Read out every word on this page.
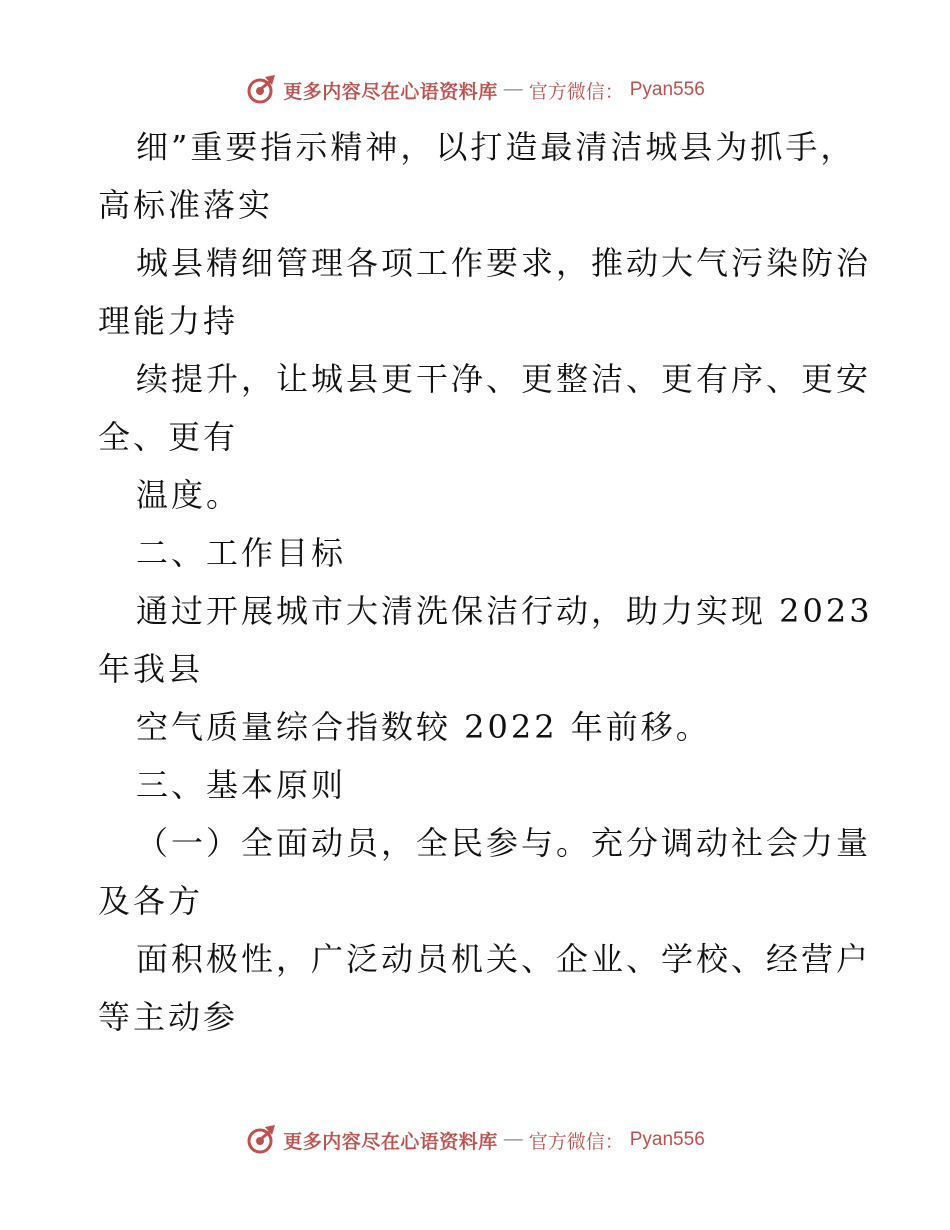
更多内容尽在心语资料库 — 官方微信： Pyan556
细”重要指示精神，以打造最清洁城县为抓手，
高标准落实
城县精细管理各项工作要求，推动大气污染防治
理能力持
续提升，让城县更干净、更整洁、更有序、更安
全、更有
温度。
二、工作目标
通过开展城市大清洗保洁行动，助力实现 2023
年我县
空气质量综合指数较 2022 年前移。
三、基本原则
（一）全面动员，全民参与。充分调动社会力量
及各方
面积极性，广泛动员机关、企业、学校、经营户
等主动参
更多内容尽在心语资料库 — 官方微信： Pyan556
